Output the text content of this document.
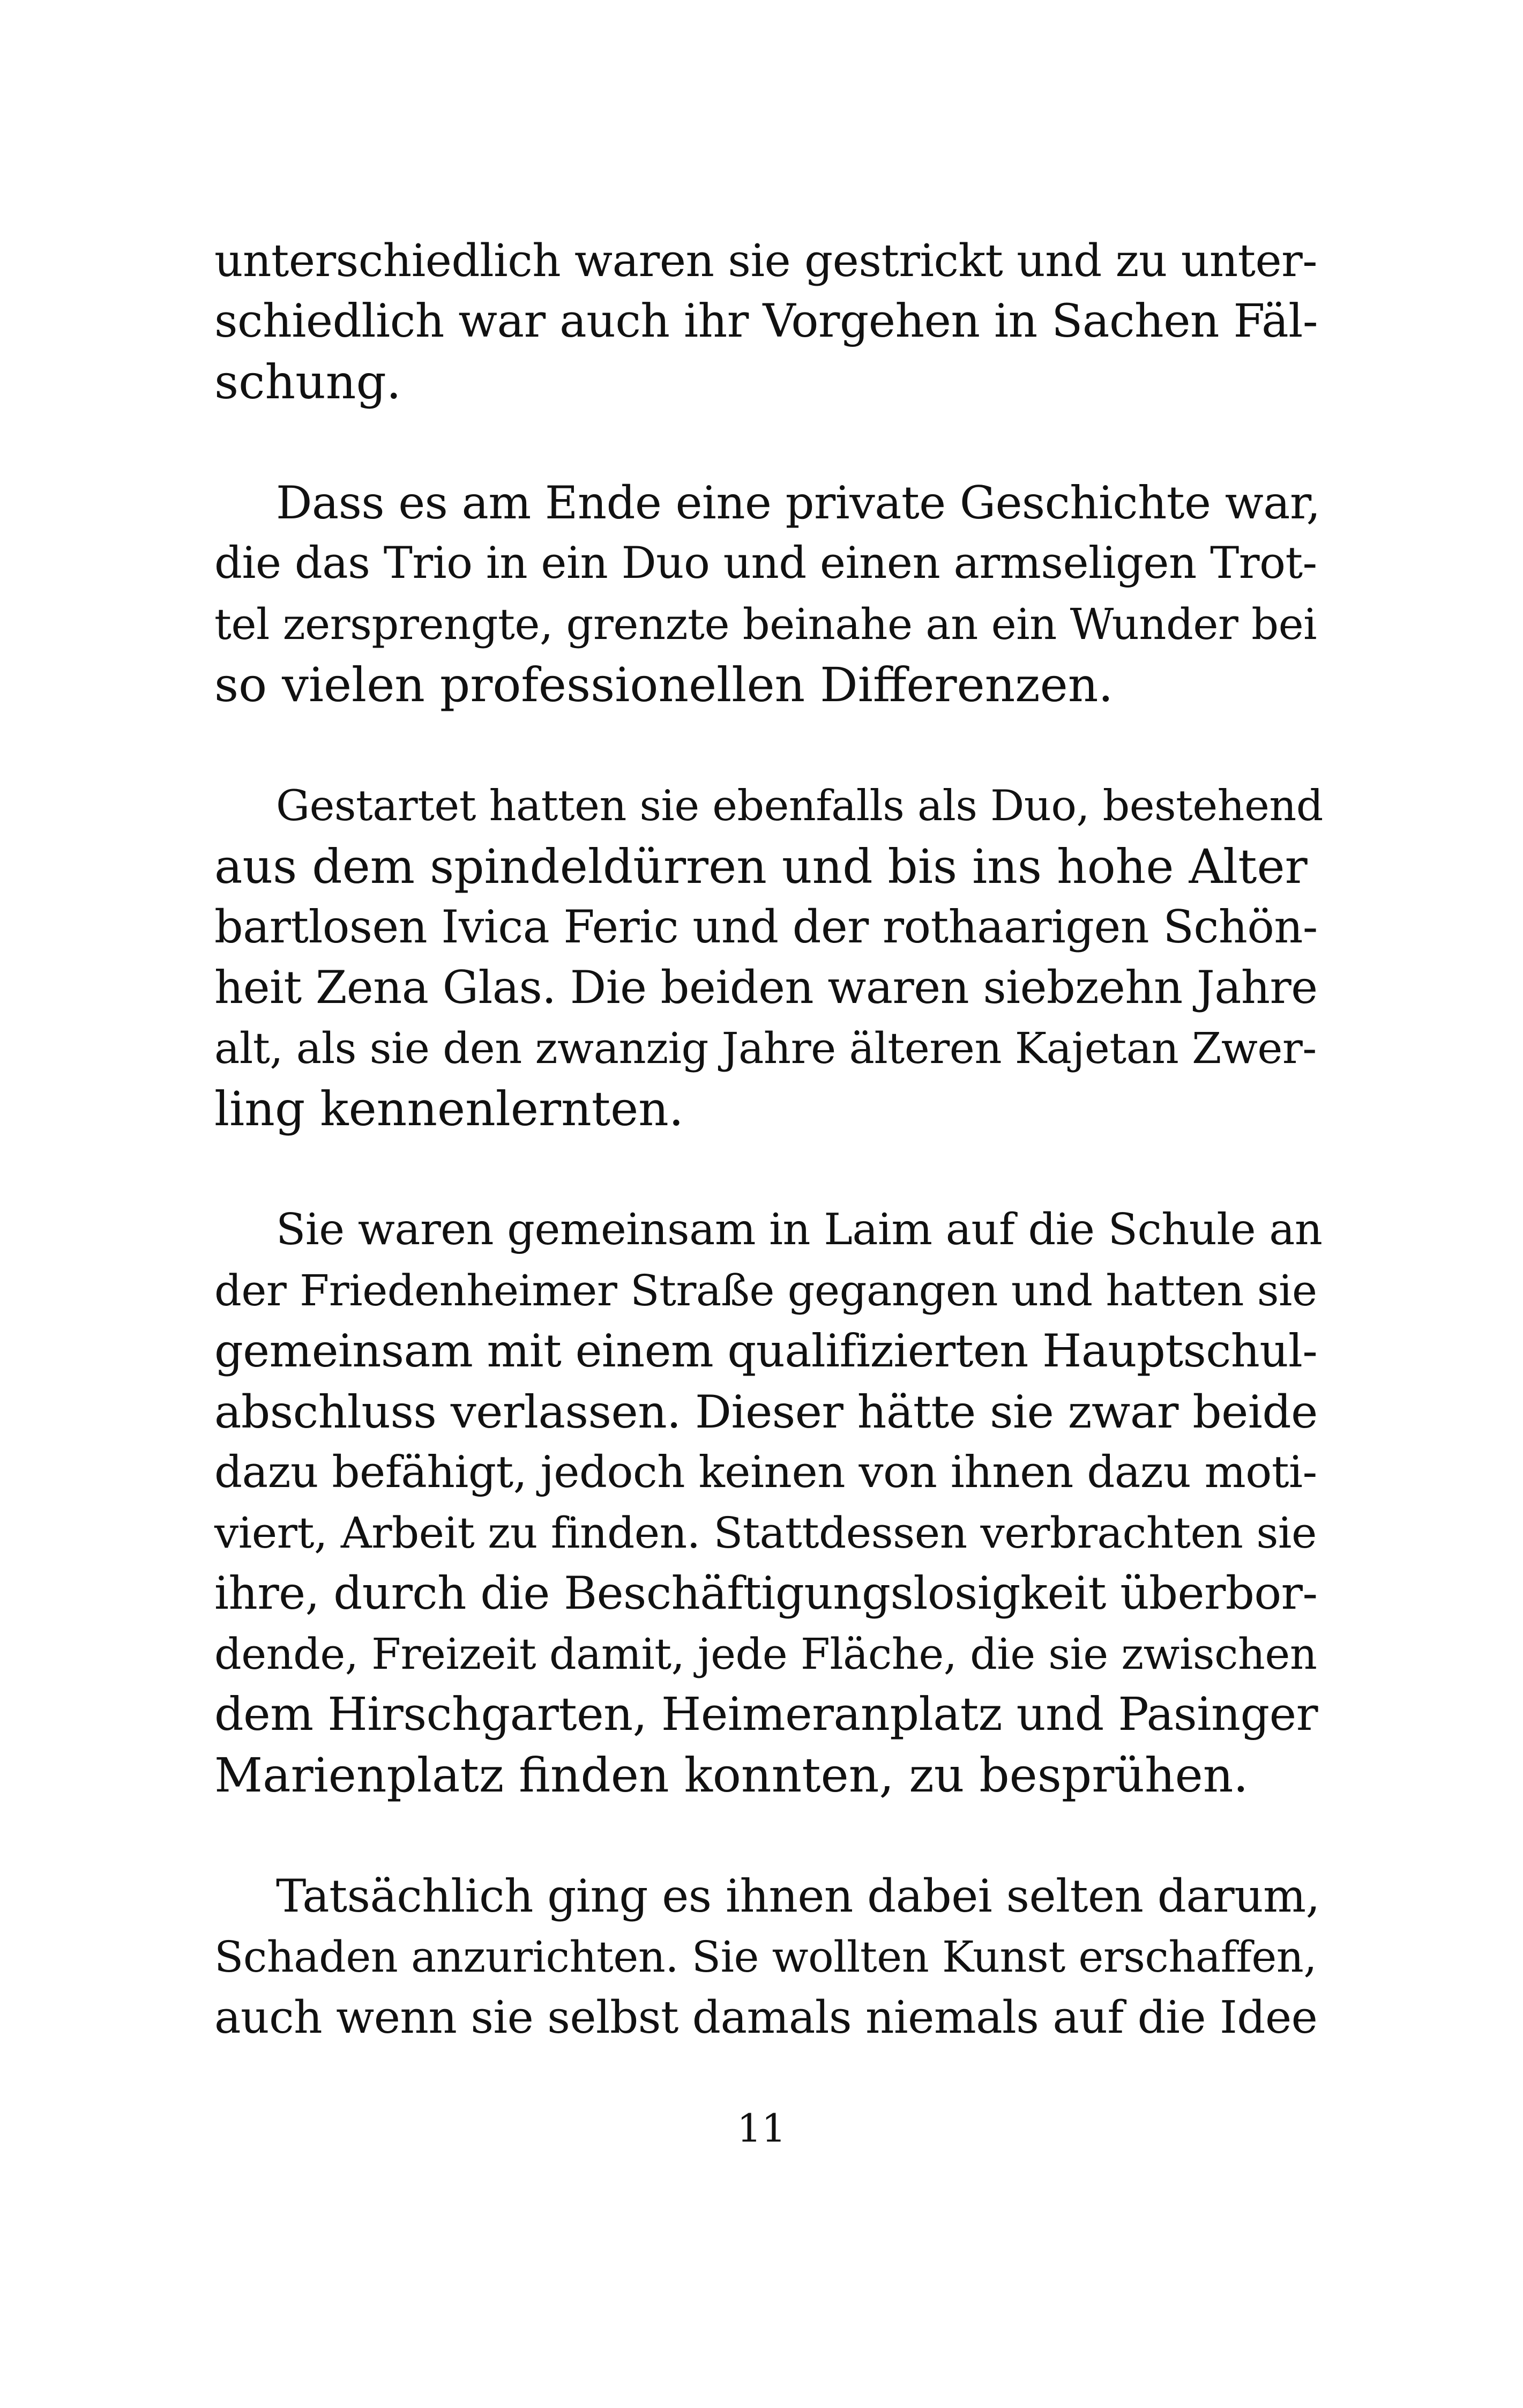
unterschiedlich waren sie gestrickt und zu unter-
schiedlich war auch ihr Vorgehen in Sachen Fäl-
schung.

Dass es am Ende eine private Geschichte war,
die das Trio in ein Duo und einen armseligen Trot-
tel zersprengte, grenzte beinahe an ein Wunder bei
so vielen professionellen Differenzen.

Gestartet hatten sie ebenfalls als Duo, bestehend
aus dem spindeldürren und bis ins hohe Alter
bartlosen Ivica Feric und der rothaarigen Schön-
heit Zena Glas. Die beiden waren siebzehn Jahre
alt, als sie den zwanzig Jahre älteren Kajetan Zwer-
ling kennenlernten.

Sie waren gemeinsam in Laim auf die Schule an
der Friedenheimer Straße gegangen und hatten sie
gemeinsam mit einem qualifizierten Hauptschul-
abschluss verlassen. Dieser hätte sie zwar beide
dazu befähigt, jedoch keinen von ihnen dazu moti-
viert, Arbeit zu finden. Stattdessen verbrachten sie
ihre, durch die Beschäftigungslosigkeit überbor-
dende, Freizeit damit, jede Fläche, die sie zwischen
dem Hirschgarten, Heimeranplatz und Pasinger
Marienplatz finden konnten, zu besprühen.

Tatsächlich ging es ihnen dabei selten darum,
Schaden anzurichten. Sie wollten Kunst erschaffen,
auch wenn sie selbst damals niemals auf die Idee

11
